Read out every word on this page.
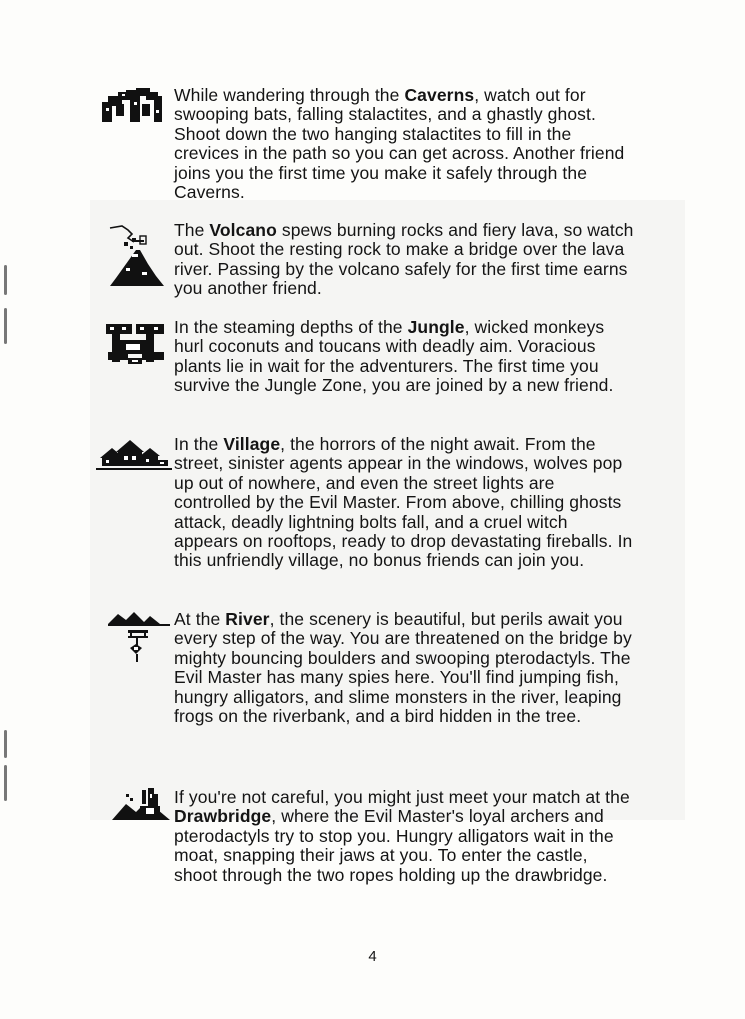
While wandering through the Caverns, watch out for swooping bats, falling stalactites, and a ghastly ghost. Shoot down the two hanging stalactites to fill in the crevices in the path so you can get across. Another friend joins you the first time you make it safely through the Caverns.

The Volcano spews burning rocks and fiery lava, so watch out. Shoot the resting rock to make a bridge over the lava river. Passing by the volcano safely for the first time earns you another friend.

In the steaming depths of the Jungle, wicked monkeys hurl coconuts and toucans with deadly aim. Voracious plants lie in wait for the adventurers. The first time you survive the Jungle Zone, you are joined by a new friend.

In the Village, the horrors of the night await. From the street, sinister agents appear in the windows, wolves pop up out of nowhere, and even the street lights are controlled by the Evil Master. From above, chilling ghosts attack, deadly lightning bolts fall, and a cruel witch appears on rooftops, ready to drop devastating fireballs. In this unfriendly village, no bonus friends can join you.

At the River, the scenery is beautiful, but perils await you every step of the way. You are threatened on the bridge by mighty bouncing boulders and swooping pterodactyls. The Evil Master has many spies here. You'll find jumping fish, hungry alligators, and slime monsters in the river, leaping frogs on the riverbank, and a bird hidden in the tree.

If you're not careful, you might just meet your match at the Drawbridge, where the Evil Master's loyal archers and pterodactyls try to stop you. Hungry alligators wait in the moat, snapping their jaws at you. To enter the castle, shoot through the two ropes holding up the drawbridge.

4
